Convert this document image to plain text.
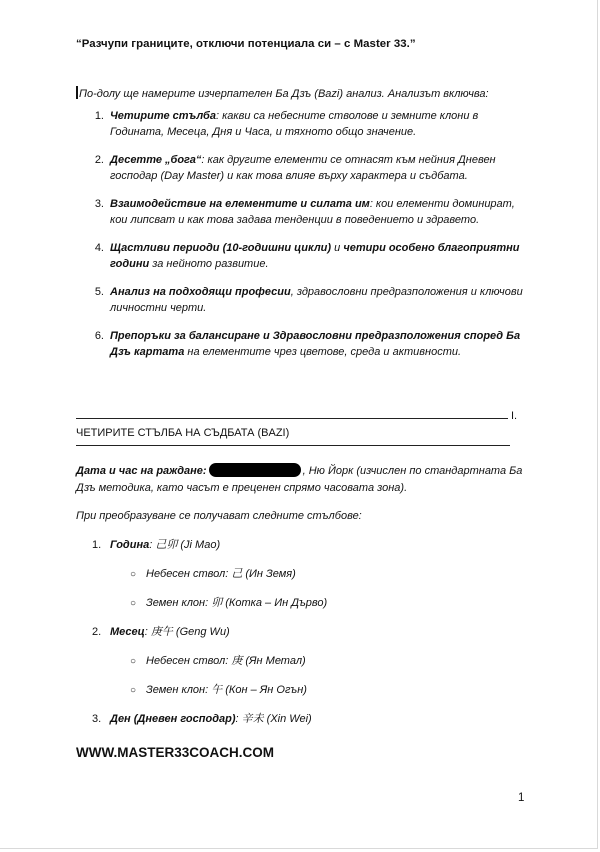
“Разчупи границите, отключи потенциала си – с Master 33.”
По-долу ще намерите изчерпателен Ба Дзъ (Bazi) анализ. Анализът включва:
1. Четирите стълба: какви са небесните стволове и земните клони в Годината, Месеца, Дня и Часа, и тяхното общо значение.
2. Десетте „бога“: как другите елементи се отнасят към нейния Дневен господар (Day Master) и как това влияе върху характера и съдбата.
3. Взаимодействие на елементите и силата им: кои елементи доминират, кои липсват и как това задава тенденции в поведението и здравето.
4. Щастливи периоди (10-годишни цикли) и четири особено благоприятни години за нейното развитие.
5. Анализ на подходящи професии, здравословни предразположения и ключови личностни черти.
6. Препоръки за балансиране и Здравословни предразположения според Ба Дзъ картата на елементите чрез цветове, среда и активности.
I.
ЧЕТИРИТЕ СТЪЛБА НА СЪДБАТА (BAZI)
Дата и час на раждане:	, Ню Йорк (изчислен по стандартната Ба Дзъ методика, като часът е преценен спрямо часовата зона).
При преобразуване се получават следните стълбове:
1. Година: 己卯 (Ji Mao)
○ Небесен ствол: 己 (Ин Земя)
○ Земен клон: 卯 (Котка – Ин Дърво)
2. Месец: 庚午 (Geng Wu)
○ Небесен ствол: 庚 (Ян Метал)
○ Земен клон: 午 (Кон – Ян Огън)
3. Ден (Дневен господар): 辛未 (Xin Wei)
WWW.MASTER33COACH.COM
1
